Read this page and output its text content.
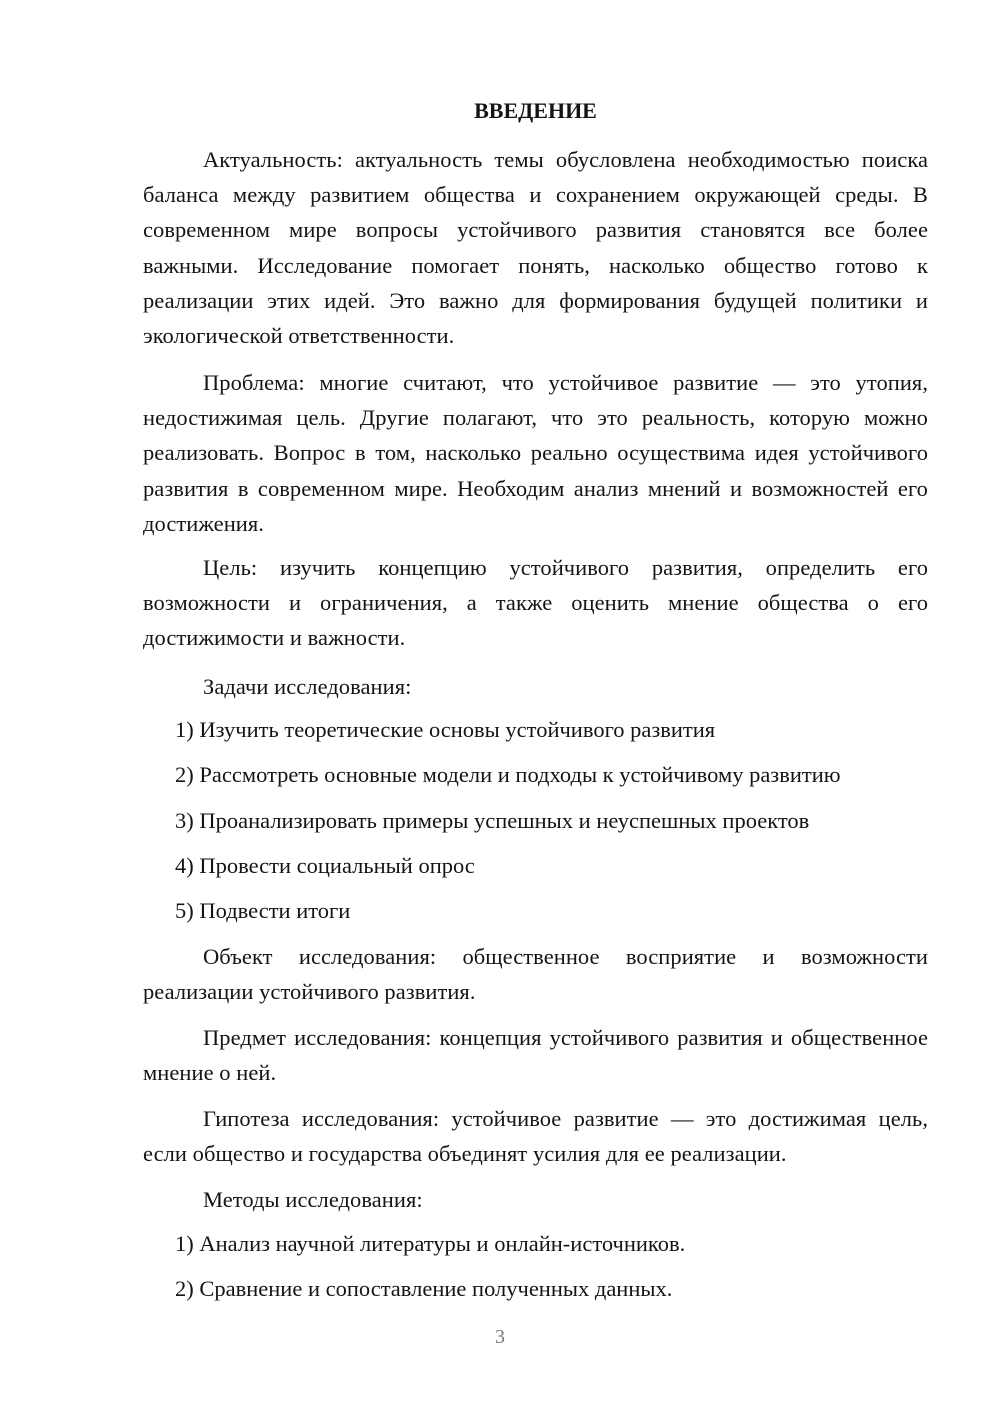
ВВЕДЕНИЕ

Актуальность: актуальность темы обусловлена необходимостью поиска баланса между развитием общества и сохранением окружающей среды. В современном мире вопросы устойчивого развития становятся все более важными. Исследование помогает понять, насколько общество готово к реализации этих идей. Это важно для формирования будущей политики и экологической ответственности.

Проблема: многие считают, что устойчивое развитие — это утопия, недостижимая цель. Другие полагают, что это реальность, которую можно реализовать. Вопрос в том, насколько реально осуществима идея устойчивого развития в современном мире. Необходим анализ мнений и возможностей его достижения.

Цель: изучить концепцию устойчивого развития, определить его возможности и ограничения, а также оценить мнение общества о его достижимости и важности.

Задачи исследования:

1) Изучить теоретические основы устойчивого развития

2) Рассмотреть основные модели и подходы к устойчивому развитию

3) Проанализировать примеры успешных и неуспешных проектов

4) Провести социальный опрос

5) Подвести итоги

Объект исследования: общественное восприятие и возможности реализации устойчивого развития.

Предмет исследования: концепция устойчивого развития и общественное мнение о ней.

Гипотеза исследования: устойчивое развитие — это достижимая цель, если общество и государства объединят усилия для ее реализации.

Методы исследования:

1) Анализ научной литературы и онлайн-источников.

2) Сравнение и сопоставление полученных данных.

3
